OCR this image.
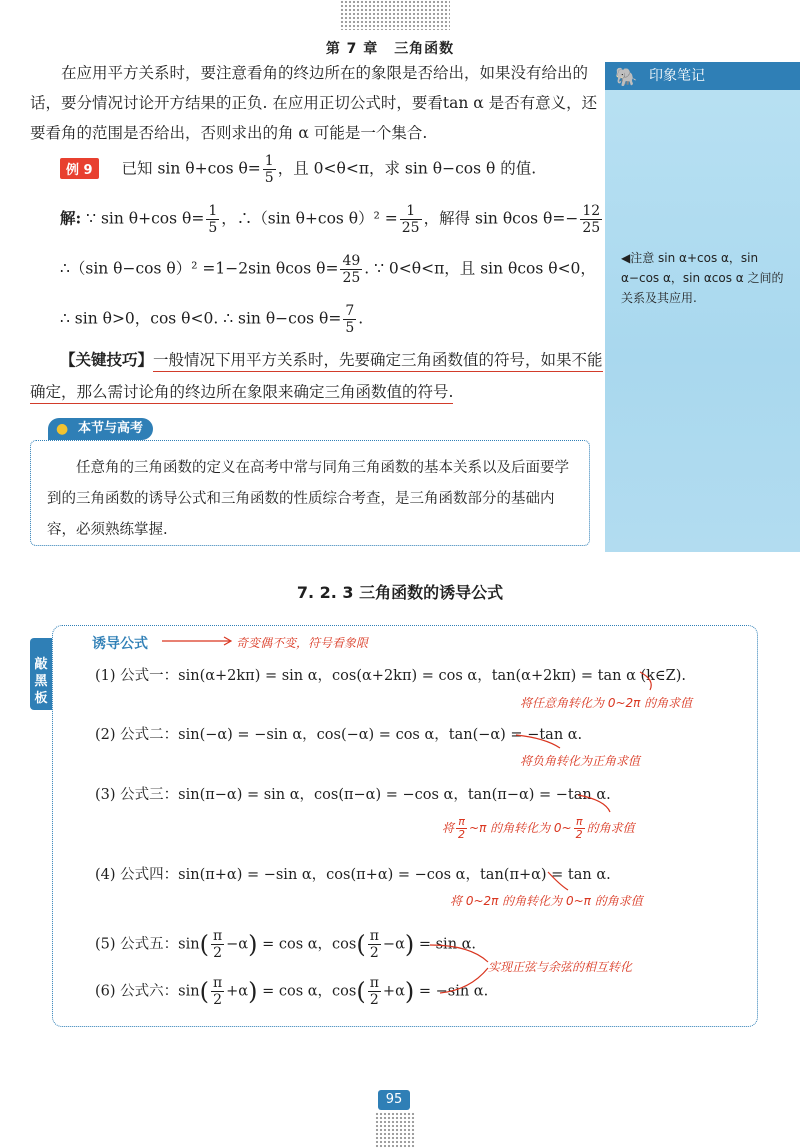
第 7 章 三角函数
在应用平方关系时，要注意看角的终边所在的象限是否给出，如果没有给出的话，要分情况讨论开方结果的正负. 在应用正切公式时，要看tan α 是否有意义，还要看角的范围是否给出，否则求出的角 α 可能是一个集合.
例 9 已知 sin θ+cos $\theta= \frac{1}{5}$ ，且 0<θ<π，求 sin θ−cos θ 的值.
解: ∵ sin θ+cos $\theta= \frac{1}{5}$ ，∴（sin θ+cos $\theta)^2 = \frac{1}{25}$ ，解得 sin θcos $\theta=- \frac{12}{25}$
∴（sin θ−cos θ）² =1−2sin θcos $\theta= \frac{49}{25}$ . ∵ 0<θ<π，且 sin θcos θ<0，
∴ sin θ>0，cos θ<0. ∴ sin θ−cos $\theta= \frac{7}{5}$ .
【关键技巧】一般情况下用平方关系时，先要确定三角函数值的符号，如果不能
确定，那么需讨论角的终边所在象限来确定三角函数值的符号.
🐘 印象笔记
◀注意 sin α+cos α，sin α−cos α，sin αcos α 之间的关系及其应用.
● 本节与高考
任意角的三角函数的定义在高考中常与同角三角函数的基本关系以及后面要学到的三角函数的诱导公式和三角函数的性质综合考查，是三角函数部分的基础内容，必须熟练掌握.
7. 2. 3 三角函数的诱导公式
敲黑板
诱导公式	奇变偶不变，符号看象限
(1) 公式一：sin(α+2kπ) = sin α，cos(α+2kπ) = cos α，tan(α+2kπ) = tan α (k∈Z).
将任意角转化为 0~2π 的角求值
(2) 公式二：sin(−α) = −sin α，cos(−α) = cos α，tan(−α) = −tan α.
将负角转化为正角求值
(3) 公式三：sin(π−α) = sin α，cos(π−α) = −cos α，tan(π−α) = −tan α.
将 $\frac{\pi}{2}$ ~π 的角转化为 0~ $\frac{\pi}{2}$ 的角求值
(4) 公式四：sin(π+α) = −sin α，cos(π+α) = −cos α，tan(π+α) = tan α.
将 0~2π 的角转化为 0~π 的角求值
(5) 公式五：$\sin( \frac{\pi}{2} -\alpha) = \cos \alpha$，$\cos( \frac{\pi}{2} -\alpha) = \sin \alpha$.
(6) 公式六：$\sin( \frac{\pi}{2} +\alpha) = \cos \alpha$，$\cos( \frac{\pi}{2} +\alpha) = -\sin$ α.
实现正弦与余弦的相互转化
95
